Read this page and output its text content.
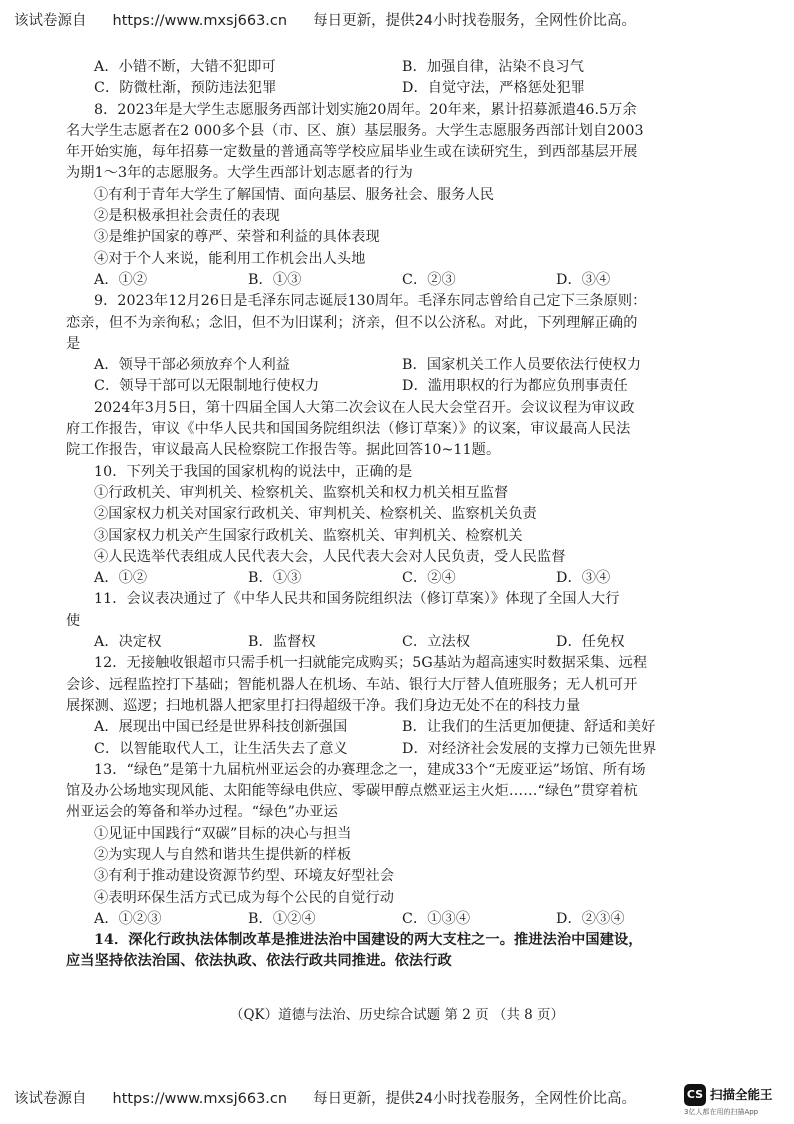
该试卷源自 https://www.mxsj663.cn 每日更新，提供24小时找卷服务，全网性价比高。
A．小错不断，大错不犯即可	B．加强自律，沾染不良习气
C．防微杜渐，预防违法犯罪	D．自觉守法，严格惩处犯罪
8．2023年是大学生志愿服务西部计划实施20周年。20年来，累计招募派遣46.5万余
名大学生志愿者在2 000多个县（市、区、旗）基层服务。大学生志愿服务西部计划自2003
年开始实施，每年招募一定数量的普通高等学校应届毕业生或在读研究生，到西部基层开展
为期1～3年的志愿服务。大学生西部计划志愿者的行为
①有利于青年大学生了解国情、面向基层、服务社会、服务人民
②是积极承担社会责任的表现
③是维护国家的尊严、荣誉和利益的具体表现
④对于个人来说，能利用工作机会出人头地
A．①②	B．①③	C．②③	D．③④
9．2023年12月26日是毛泽东同志诞辰130周年。毛泽东同志曾给自己定下三条原则：
恋亲，但不为亲徇私；念旧，但不为旧谋利；济亲，但不以公济私。对此，下列理解正确的
是
A．领导干部必须放弃个人利益	B．国家机关工作人员要依法行使权力
C．领导干部可以无限制地行使权力	D．滥用职权的行为都应负刑事责任
2024年3月5日，第十四届全国人大第二次会议在人民大会堂召开。会议议程为审议政
府工作报告，审议《中华人民共和国国务院组织法（修订草案）》的议案，审议最高人民法
院工作报告，审议最高人民检察院工作报告等。据此回答10~11题。
10．下列关于我国的国家机构的说法中，正确的是
①行政机关、审判机关、检察机关、监察机关和权力机关相互监督
②国家权力机关对国家行政机关、审判机关、检察机关、监察机关负责
③国家权力机关产生国家行政机关、监察机关、审判机关、检察机关
④人民选举代表组成人民代表大会，人民代表大会对人民负责，受人民监督
A．①②	B．①③	C．②④	D．③④
11．会议表决通过了《中华人民共和国务院组织法（修订草案）》体现了全国人大行
使
A．决定权	B．监督权	C．立法权	D．任免权
12．无接触收银超市只需手机一扫就能完成购买；5G基站为超高速实时数据采集、远程
会诊、远程监控打下基础；智能机器人在机场、车站、银行大厅替人值班服务；无人机可开
展探测、巡逻；扫地机器人把家里打扫得超级干净。我们身边无处不在的科技力量
A．展现出中国已经是世界科技创新强国	B．让我们的生活更加便捷、舒适和美好
C．以智能取代人工，让生活失去了意义	D．对经济社会发展的支撑力已领先世界
13．“绿色”是第十九届杭州亚运会的办赛理念之一，建成33个“无废亚运”场馆、所有场
馆及办公场地实现风能、太阳能等绿电供应、零碳甲醇点燃亚运主火炬……“绿色”贯穿着杭
州亚运会的筹备和举办过程。“绿色”办亚运
①见证中国践行“双碳”目标的决心与担当
②为实现人与自然和谐共生提供新的样板
③有利于推动建设资源节约型、环境友好型社会
④表明环保生活方式已成为每个公民的自觉行动
A．①②③	B．①②④	C．①③④	D．②③④
14．深化行政执法体制改革是推进法治中国建设的两大支柱之一。推进法治中国建设，
应当坚持依法治国、依法执政、依法行政共同推进。依法行政
（QK）道德与法治、历史综合试题 第 2 页 （共 8 页）
该试卷源自 https://www.mxsj663.cn 每日更新，提供24小时找卷服务，全网性价比高。	CS 扫描全能王
3亿人都在用的扫描App
